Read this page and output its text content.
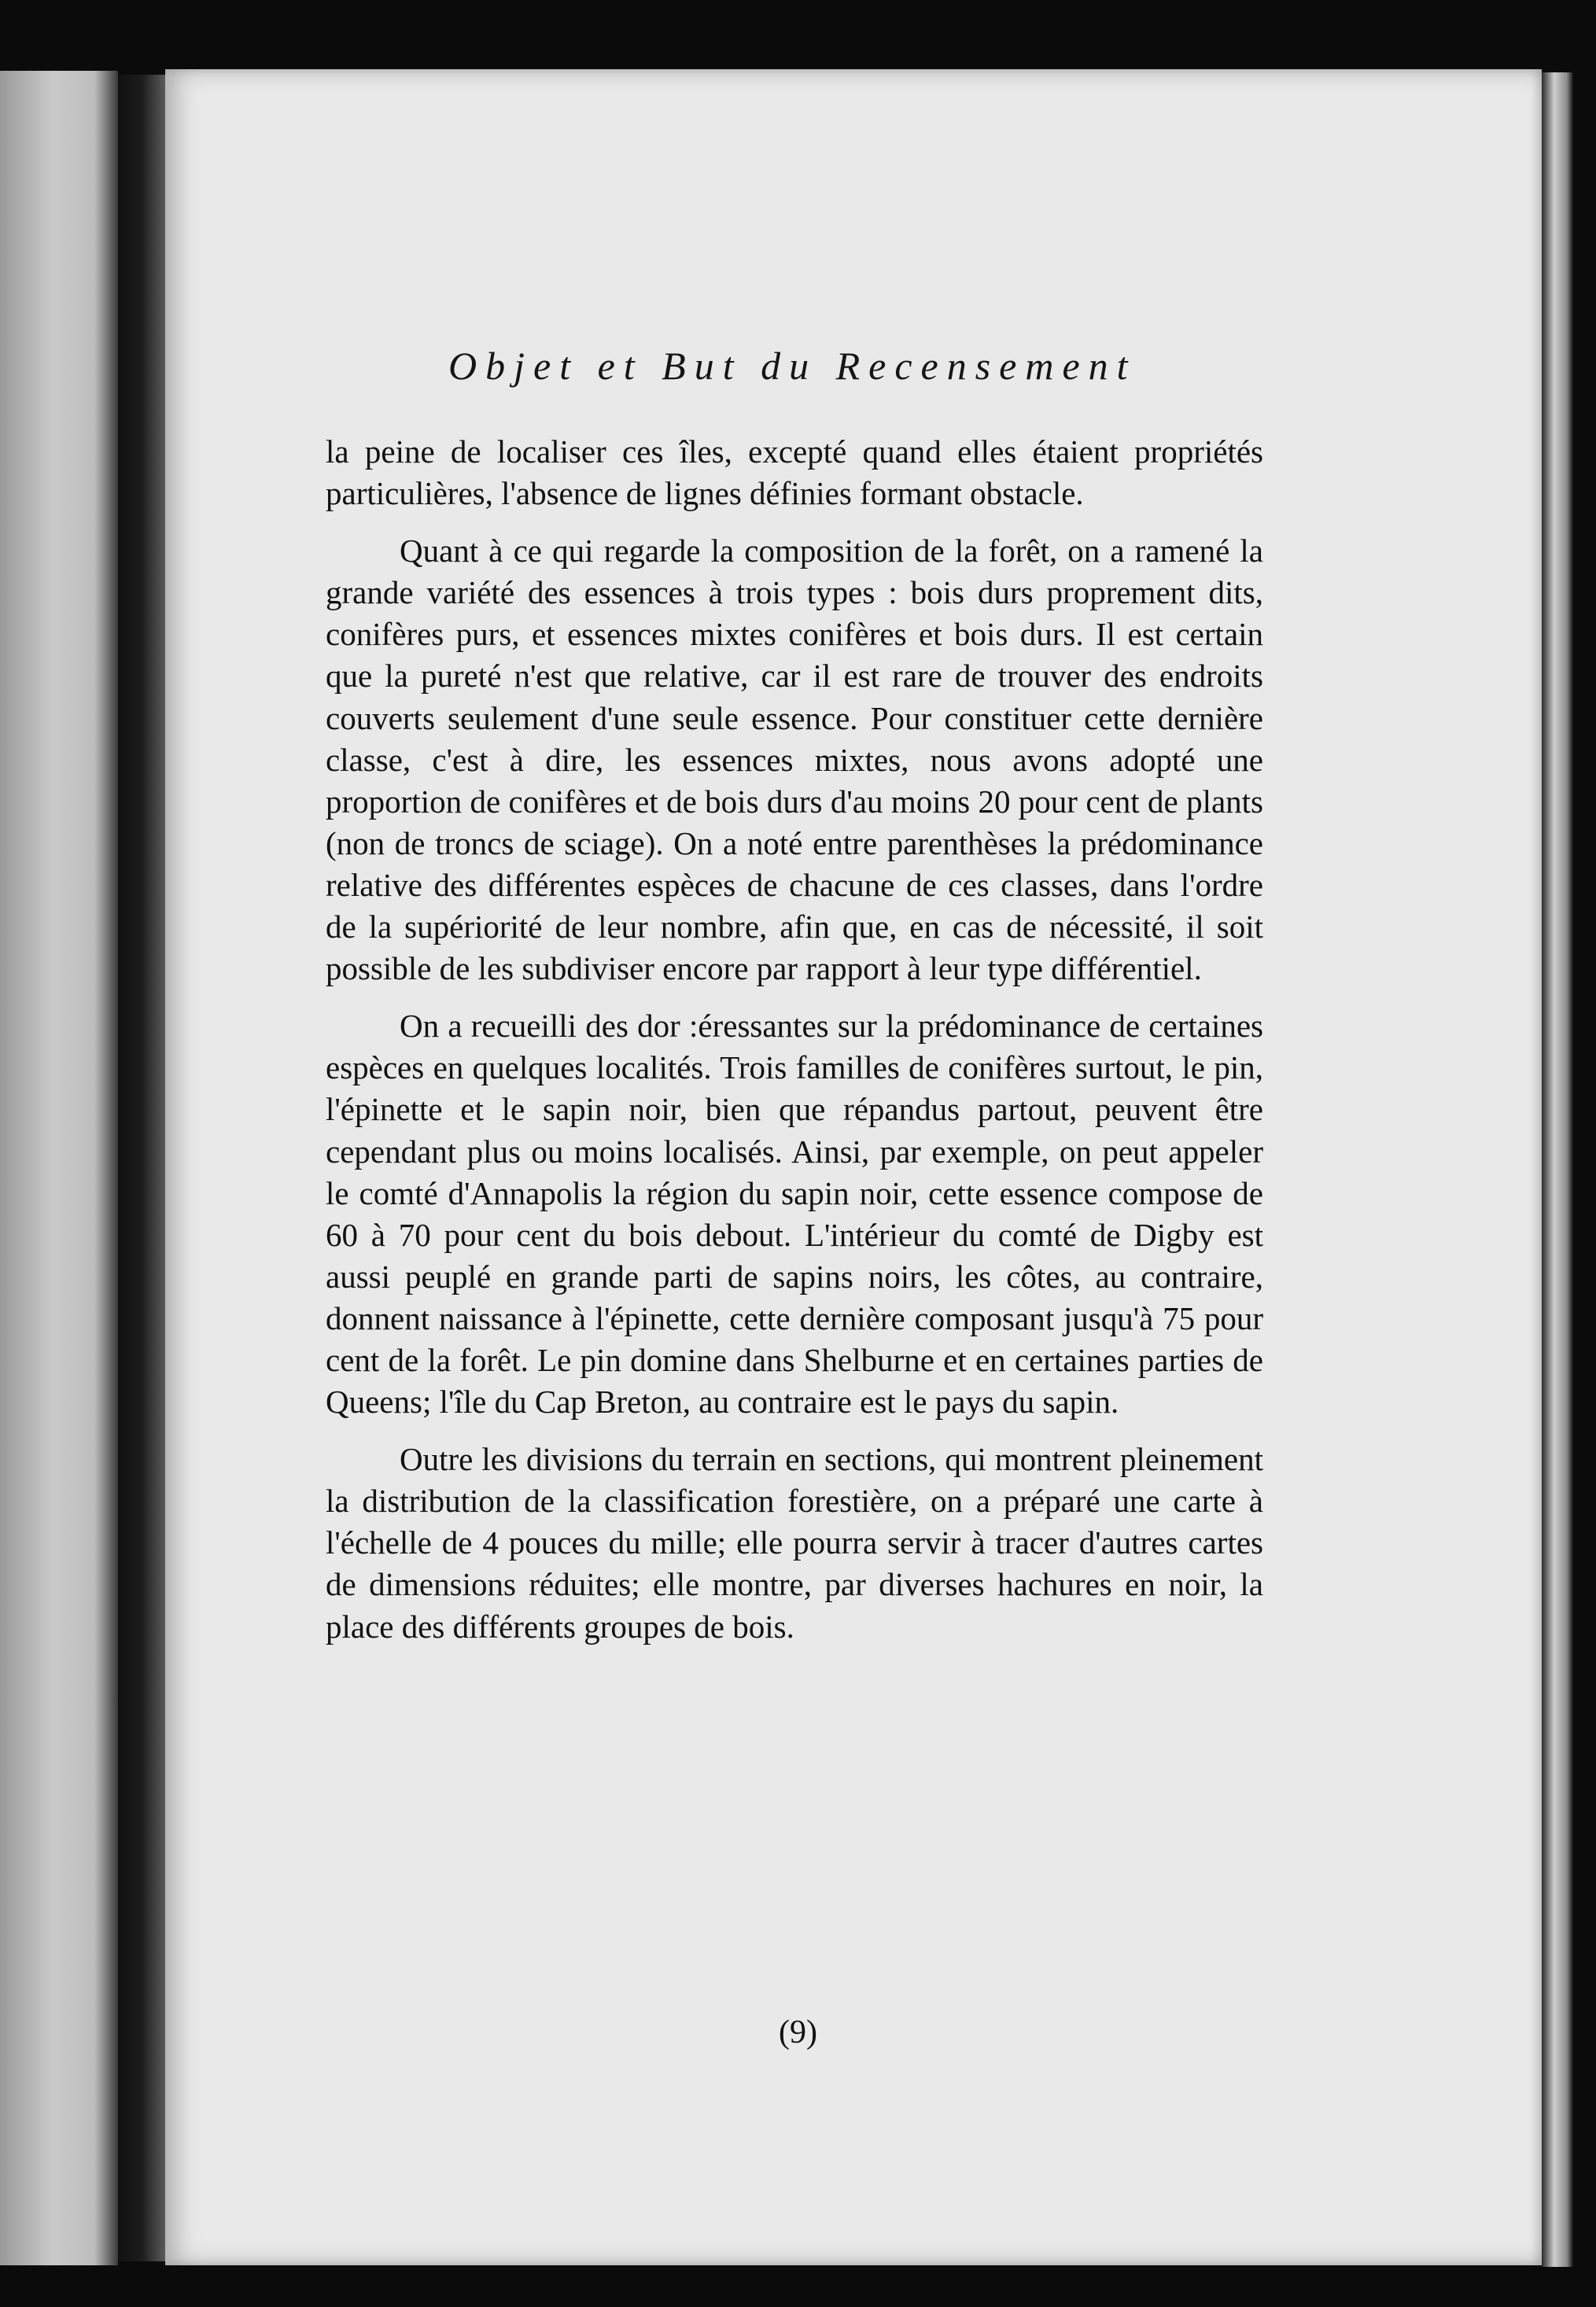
Objet et But du Recensement

la peine de localiser ces îles, excepté quand elles étaient propriétés particulières, l'absence de lignes définies formant obstacle.

Quant à ce qui regarde la composition de la forêt, on a ramené la grande variété des essences à trois types : bois durs proprement dits, conifères purs, et essences mixtes conifères et bois durs. Il est certain que la pureté n'est que relative, car il est rare de trouver des endroits couverts seulement d'une seule essence. Pour constituer cette dernière classe, c'est à dire, les essences mixtes, nous avons adopté une proportion de conifères et de bois durs d'au moins 20 pour cent de plants (non de troncs de sciage). On a noté entre parenthèses la prédominance relative des différentes espèces de chacune de ces classes, dans l'ordre de la supériorité de leur nombre, afin que, en cas de nécessité, il soit possible de les subdiviser encore par rapport à leur type différentiel.

On a recueilli des dor :éressantes sur la prédominance de certaines espèces en quelques localités. Trois familles de conifères surtout, le pin, l'épinette et le sapin noir, bien que répandus partout, peuvent être cependant plus ou moins localisés. Ainsi, par exemple, on peut appeler le comté d'Annapolis la région du sapin noir, cette essence compose de 60 à 70 pour cent du bois debout. L'intérieur du comté de Digby est aussi peuplé en grande parti de sapins noirs, les côtes, au contraire, donnent naissance à l'épinette, cette dernière composant jusqu'à 75 pour cent de la forêt. Le pin domine dans Shelburne et en certaines parties de Queens; l'île du Cap Breton, au contraire est le pays du sapin.

Outre les divisions du terrain en sections, qui montrent pleinement la distribution de la classification forestière, on a préparé une carte à l'échelle de 4 pouces du mille; elle pourra servir à tracer d'autres cartes de dimensions réduites; elle montre, par diverses hachures en noir, la place des différents groupes de bois.

(9)
